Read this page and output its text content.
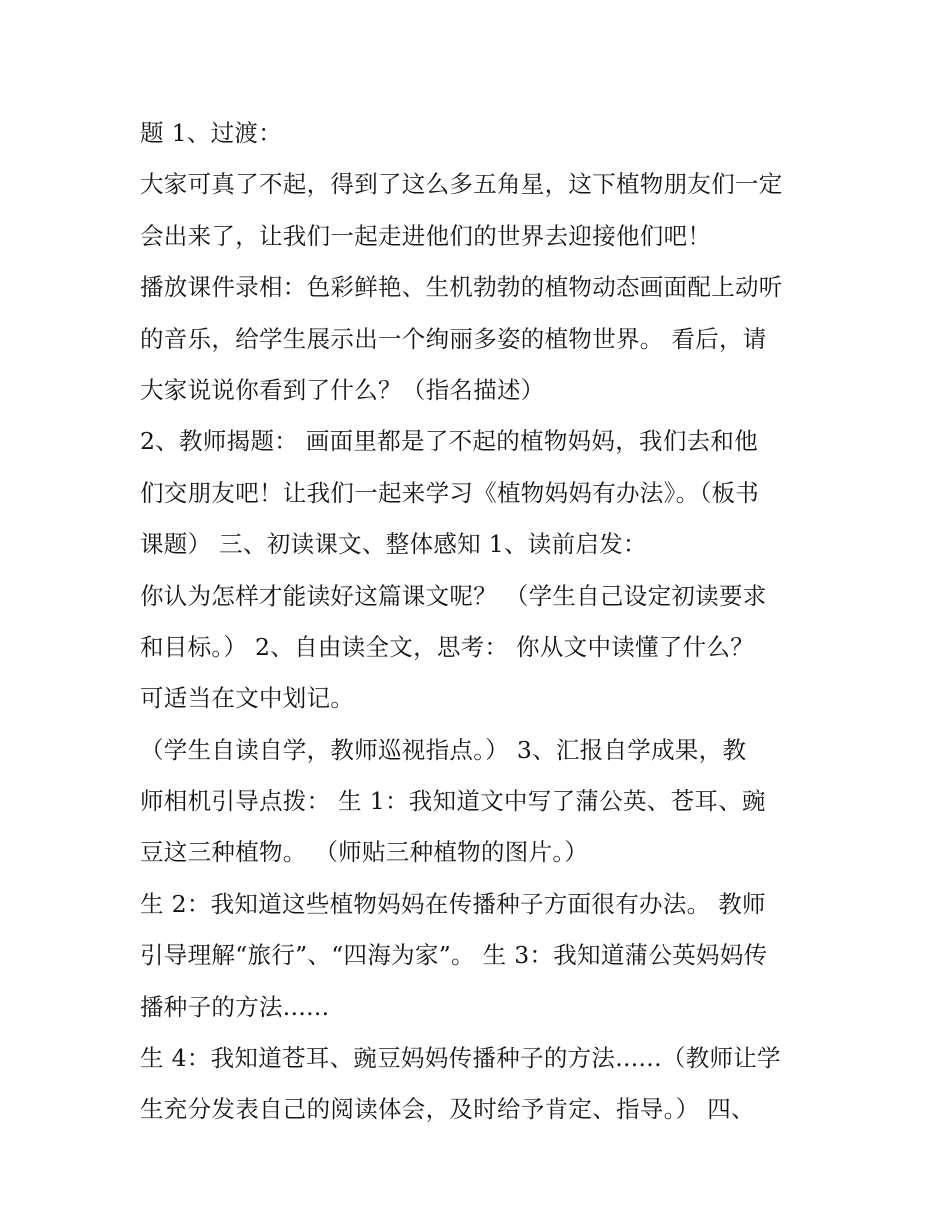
题 1、过渡：
大家可真了不起，得到了这么多五角星，这下植物朋友们一定
会出来了，让我们一起走进他们的世界去迎接他们吧！
播放课件录相：色彩鲜艳、生机勃勃的植物动态画面配上动听
的音乐，给学生展示出一个绚丽多姿的植物世界。 看后，请
大家说说你看到了什么？（指名描述）
2、教师揭题： 画面里都是了不起的植物妈妈，我们去和他
们交朋友吧！让我们一起来学习《植物妈妈有办法》。（板书
课题） 三、初读课文、整体感知 1、读前启发：
你认为怎样才能读好这篇课文呢？ （学生自己设定初读要求
和目标。） 2、自由读全文，思考： 你从文中读懂了什么？
可适当在文中划记。
（学生自读自学，教师巡视指点。） 3、汇报自学成果，教
师相机引导点拨： 生 1：我知道文中写了蒲公英、苍耳、豌
豆这三种植物。 （师贴三种植物的图片。）
生 2：我知道这些植物妈妈在传播种子方面很有办法。 教师
引导理解“旅行”、“四海为家”。 生 3：我知道蒲公英妈妈传
播种子的方法......
生 4：我知道苍耳、豌豆妈妈传播种子的方法......（教师让学
生充分发表自己的阅读体会，及时给予肯定、指导。） 四、
